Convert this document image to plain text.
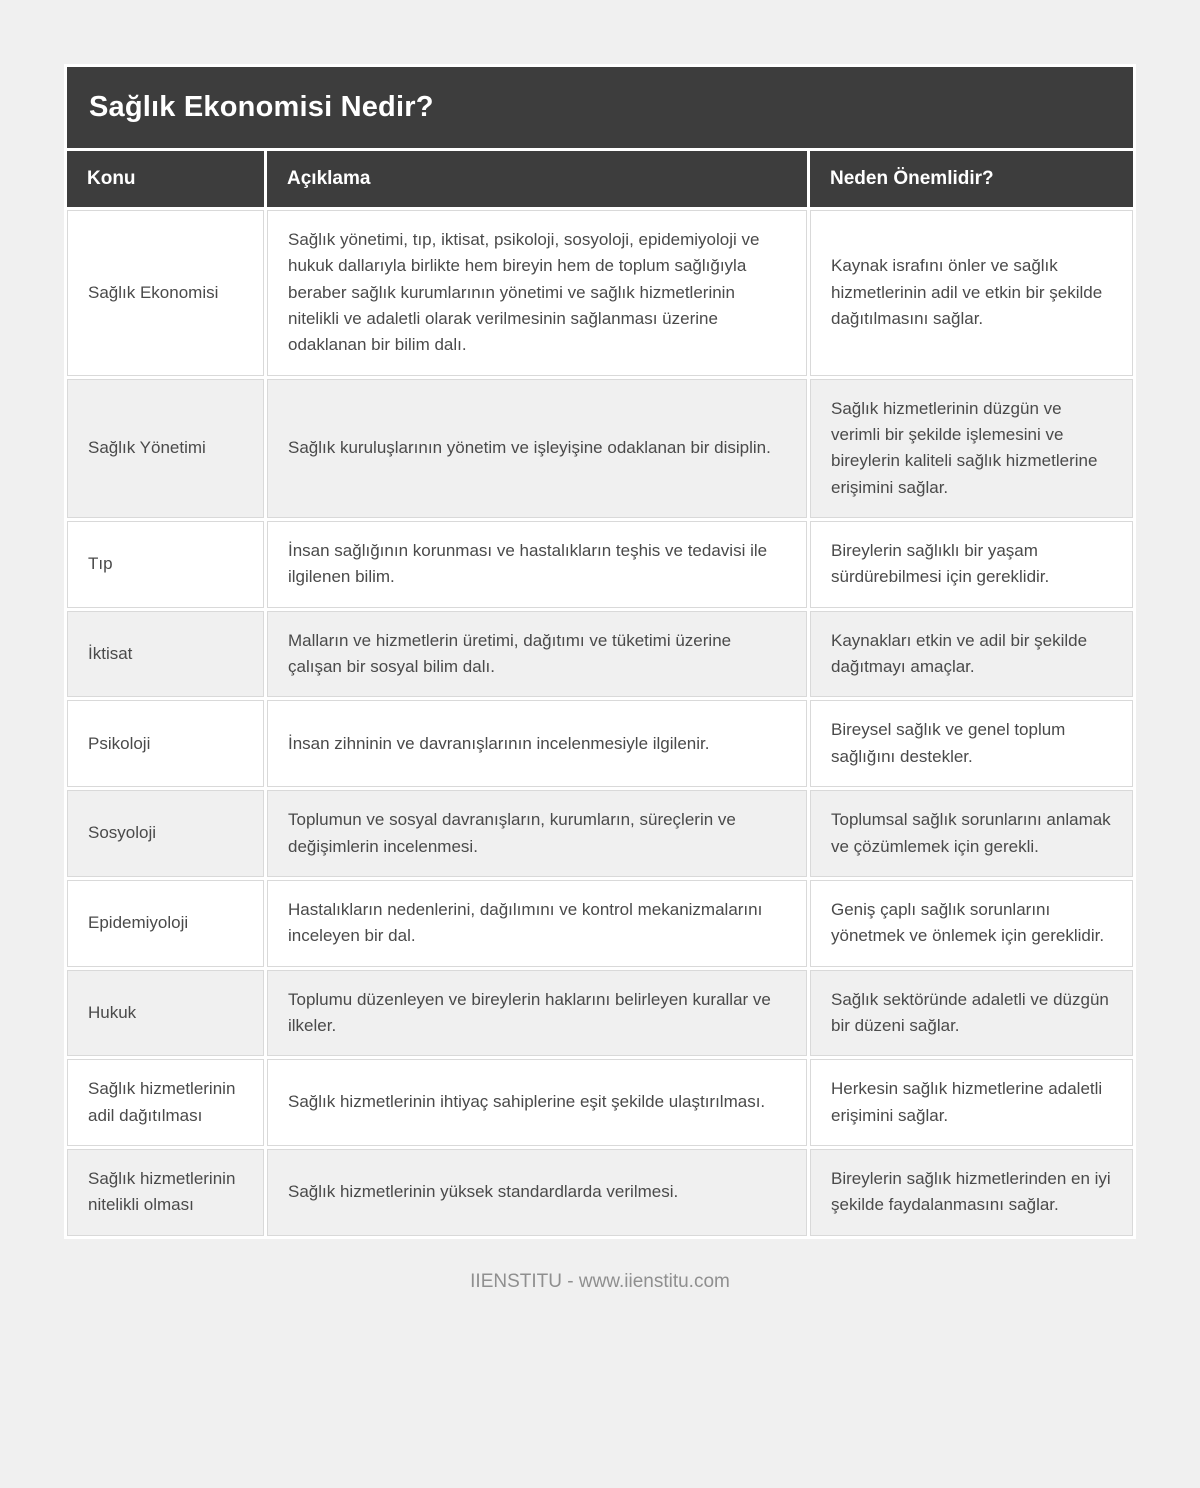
Sağlık Ekonomisi Nedir?		
Konu	Açıklama	Neden Önemlidir?
Sağlık Ekonomisi	Sağlık yönetimi, tıp, iktisat, psikoloji, sosyoloji, epidemiyoloji ve hukuk dallarıyla birlikte hem bireyin hem de toplum sağlığıyla beraber sağlık kurumlarının yönetimi ve sağlık hizmetlerinin nitelikli ve adaletli olarak verilmesinin sağlanması üzerine odaklanan bir bilim dalı.	Kaynak israfını önler ve sağlık hizmetlerinin adil ve etkin bir şekilde dağıtılmasını sağlar.
Sağlık Yönetimi	Sağlık kuruluşlarının yönetim ve işleyişine odaklanan bir disiplin.	Sağlık hizmetlerinin düzgün ve verimli bir şekilde işlemesini ve bireylerin kaliteli sağlık hizmetlerine erişimini sağlar.
Tıp	İnsan sağlığının korunması ve hastalıkların teşhis ve tedavisi ile ilgilenen bilim.	Bireylerin sağlıklı bir yaşam sürdürebilmesi için gereklidir.
İktisat	Malların ve hizmetlerin üretimi, dağıtımı ve tüketimi üzerine çalışan bir sosyal bilim dalı.	Kaynakları etkin ve adil bir şekilde dağıtmayı amaçlar.
Psikoloji	İnsan zihninin ve davranışlarının incelenmesiyle ilgilenir.	Bireysel sağlık ve genel toplum sağlığını destekler.
Sosyoloji	Toplumun ve sosyal davranışların, kurumların, süreçlerin ve değişimlerin incelenmesi.	Toplumsal sağlık sorunlarını anlamak ve çözümlemek için gerekli.
Epidemiyoloji	Hastalıkların nedenlerini, dağılımını ve kontrol mekanizmalarını inceleyen bir dal.	Geniş çaplı sağlık sorunlarını yönetmek ve önlemek için gereklidir.
Hukuk	Toplumu düzenleyen ve bireylerin haklarını belirleyen kurallar ve ilkeler.	Sağlık sektöründe adaletli ve düzgün bir düzeni sağlar.
Sağlık hizmetlerinin adil dağıtılması	Sağlık hizmetlerinin ihtiyaç sahiplerine eşit şekilde ulaştırılması.	Herkesin sağlık hizmetlerine adaletli erişimini sağlar.
Sağlık hizmetlerinin nitelikli olması	Sağlık hizmetlerinin yüksek standardlarda verilmesi.	Bireylerin sağlık hizmetlerinden en iyi şekilde faydalanmasını sağlar.
IIENSTITU - www.iienstitu.com
